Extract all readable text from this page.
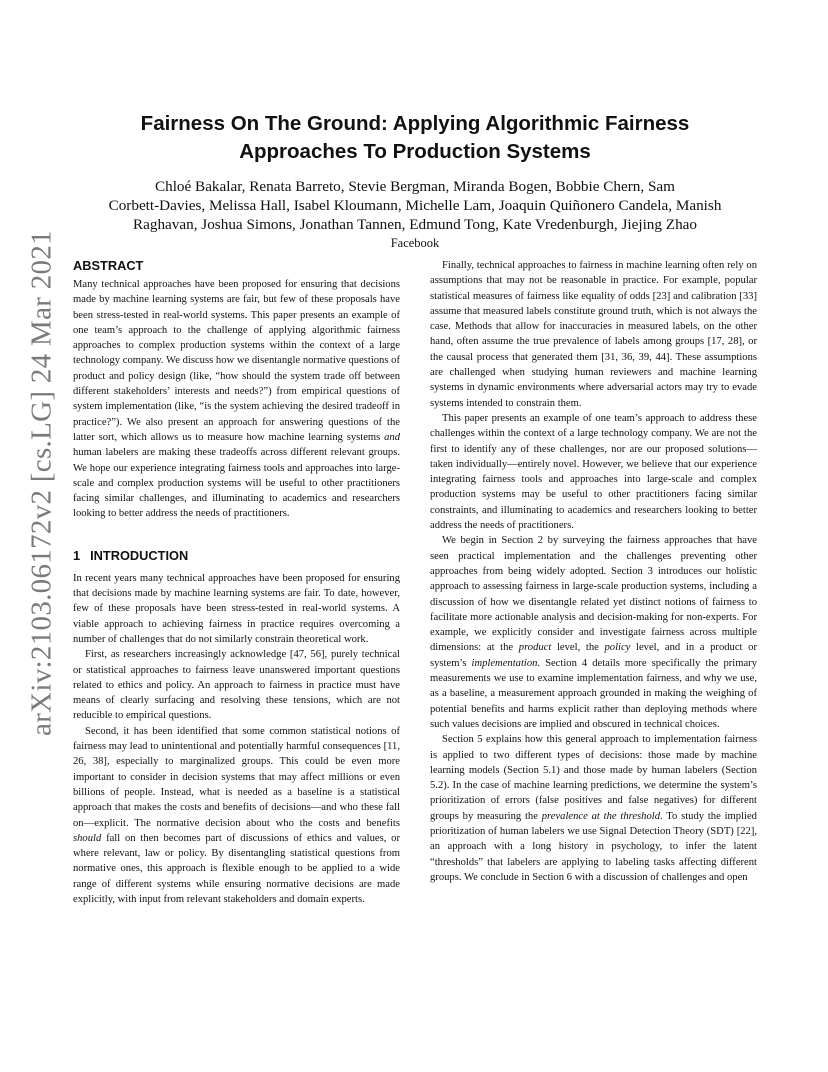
arXiv:2103.06172v2 [cs.LG] 24 Mar 2021
Fairness On The Ground: Applying Algorithmic Fairness
Approaches To Production Systems
Chloé Bakalar, Renata Barreto, Stevie Bergman, Miranda Bogen, Bobbie Chern, Sam
Corbett-Davies, Melissa Hall, Isabel Kloumann, Michelle Lam, Joaquin Quiñonero Candela, Manish
Raghavan, Joshua Simons, Jonathan Tannen, Edmund Tong, Kate Vredenburgh, Jiejing Zhao
Facebook
ABSTRACT

Many technical approaches have been proposed for ensuring that decisions made by machine learning systems are fair, but few of these proposals have been stress-tested in real-world systems. This paper presents an example of one team’s approach to the challenge of applying algorithmic fairness approaches to complex production systems within the context of a large technology company. We discuss how we disentangle normative questions of product and policy design (like, “how should the system trade off between different stakeholders’ interests and needs?”) from empirical questions of system implementation (like, “is the system achieving the desired tradeoff in practice?”). We also present an approach for answering questions of the latter sort, which allows us to measure how machine learning systems and human labelers are making these tradeoffs across different relevant groups. We hope our experience integrating fairness tools and approaches into large-scale and complex production systems will be useful to other practitioners facing similar challenges, and illuminating to academics and researchers looking to better address the needs of practitioners.

1 INTRODUCTION

In recent years many technical approaches have been proposed for ensuring that decisions made by machine learning systems are fair. To date, however, few of these proposals have been stress-tested in real-world systems. A viable approach to achieving fairness in practice requires overcoming a number of challenges that do not similarly constrain theoretical work.

First, as researchers increasingly acknowledge [47, 56], purely technical or statistical approaches to fairness leave unanswered important questions related to ethics and policy. An approach to fairness in practice must have means of clearly surfacing and resolving these tensions, which are not reducible to empirical questions.

Second, it has been identified that some common statistical notions of fairness may lead to unintentional and potentially harmful consequences [11, 26, 38], especially to marginalized groups. This could be even more important to consider in decision systems that may affect millions or even billions of people. Instead, what is needed as a baseline is a statistical approach that makes the costs and benefits of decisions—and who these fall on—explicit. The normative decision about who the costs and benefits should fall on then becomes part of discussions of ethics and values, or where relevant, law or policy. By disentangling statistical questions from normative ones, this approach is flexible enough to be applied to a wide range of different systems while ensuring normative decisions are made explicitly, with input from relevant stakeholders and domain experts.

Finally, technical approaches to fairness in machine learning often rely on assumptions that may not be reasonable in practice. For example, popular statistical measures of fairness like equality of odds [23] and calibration [33] assume that measured labels constitute ground truth, which is not always the case. Methods that allow for inaccuracies in measured labels, on the other hand, often assume the true prevalence of labels among groups [17, 28], or the causal process that generated them [31, 36, 39, 44]. These assumptions are challenged when studying human reviewers and machine learning systems in dynamic environments where adversarial actors may try to evade systems intended to constrain them.

This paper presents an example of one team’s approach to address these challenges within the context of a large technology company. We are not the first to identify any of these challenges, nor are our proposed solutions—taken individually—entirely novel. However, we believe that our experience integrating fairness tools and approaches into large-scale and complex production systems may be useful to other practitioners facing similar constraints, and illuminating to academics and researchers looking to better address the needs of practitioners.

We begin in Section 2 by surveying the fairness approaches that have seen practical implementation and the challenges preventing other approaches from being widely adopted. Section 3 introduces our holistic approach to assessing fairness in large-scale production systems, including a discussion of how we disentangle related yet distinct notions of fairness to facilitate more actionable analysis and decision-making for non-experts. For example, we explicitly consider and investigate fairness across multiple dimensions: at the product level, the policy level, and in a product or system’s implementation. Section 4 details more specifically the primary measurements we use to examine implementation fairness, and why we use, as a baseline, a measurement approach grounded in making the weighing of potential benefits and harms explicit rather than deploying methods where such values decisions are implied and obscured in technical choices.

Section 5 explains how this general approach to implementation fairness is applied to two different types of decisions: those made by machine learning models (Section 5.1) and those made by human labelers (Section 5.2). In the case of machine learning predictions, we determine the system’s prioritization of errors (false positives and false negatives) for different groups by measuring the prevalence at the threshold. To study the implied prioritization of human labelers we use Signal Detection Theory (SDT) [22], an approach with a long history in psychology, to infer the latent “thresholds” that labelers are applying to labeling tasks affecting different groups. We conclude in Section 6 with a discussion of challenges and open
